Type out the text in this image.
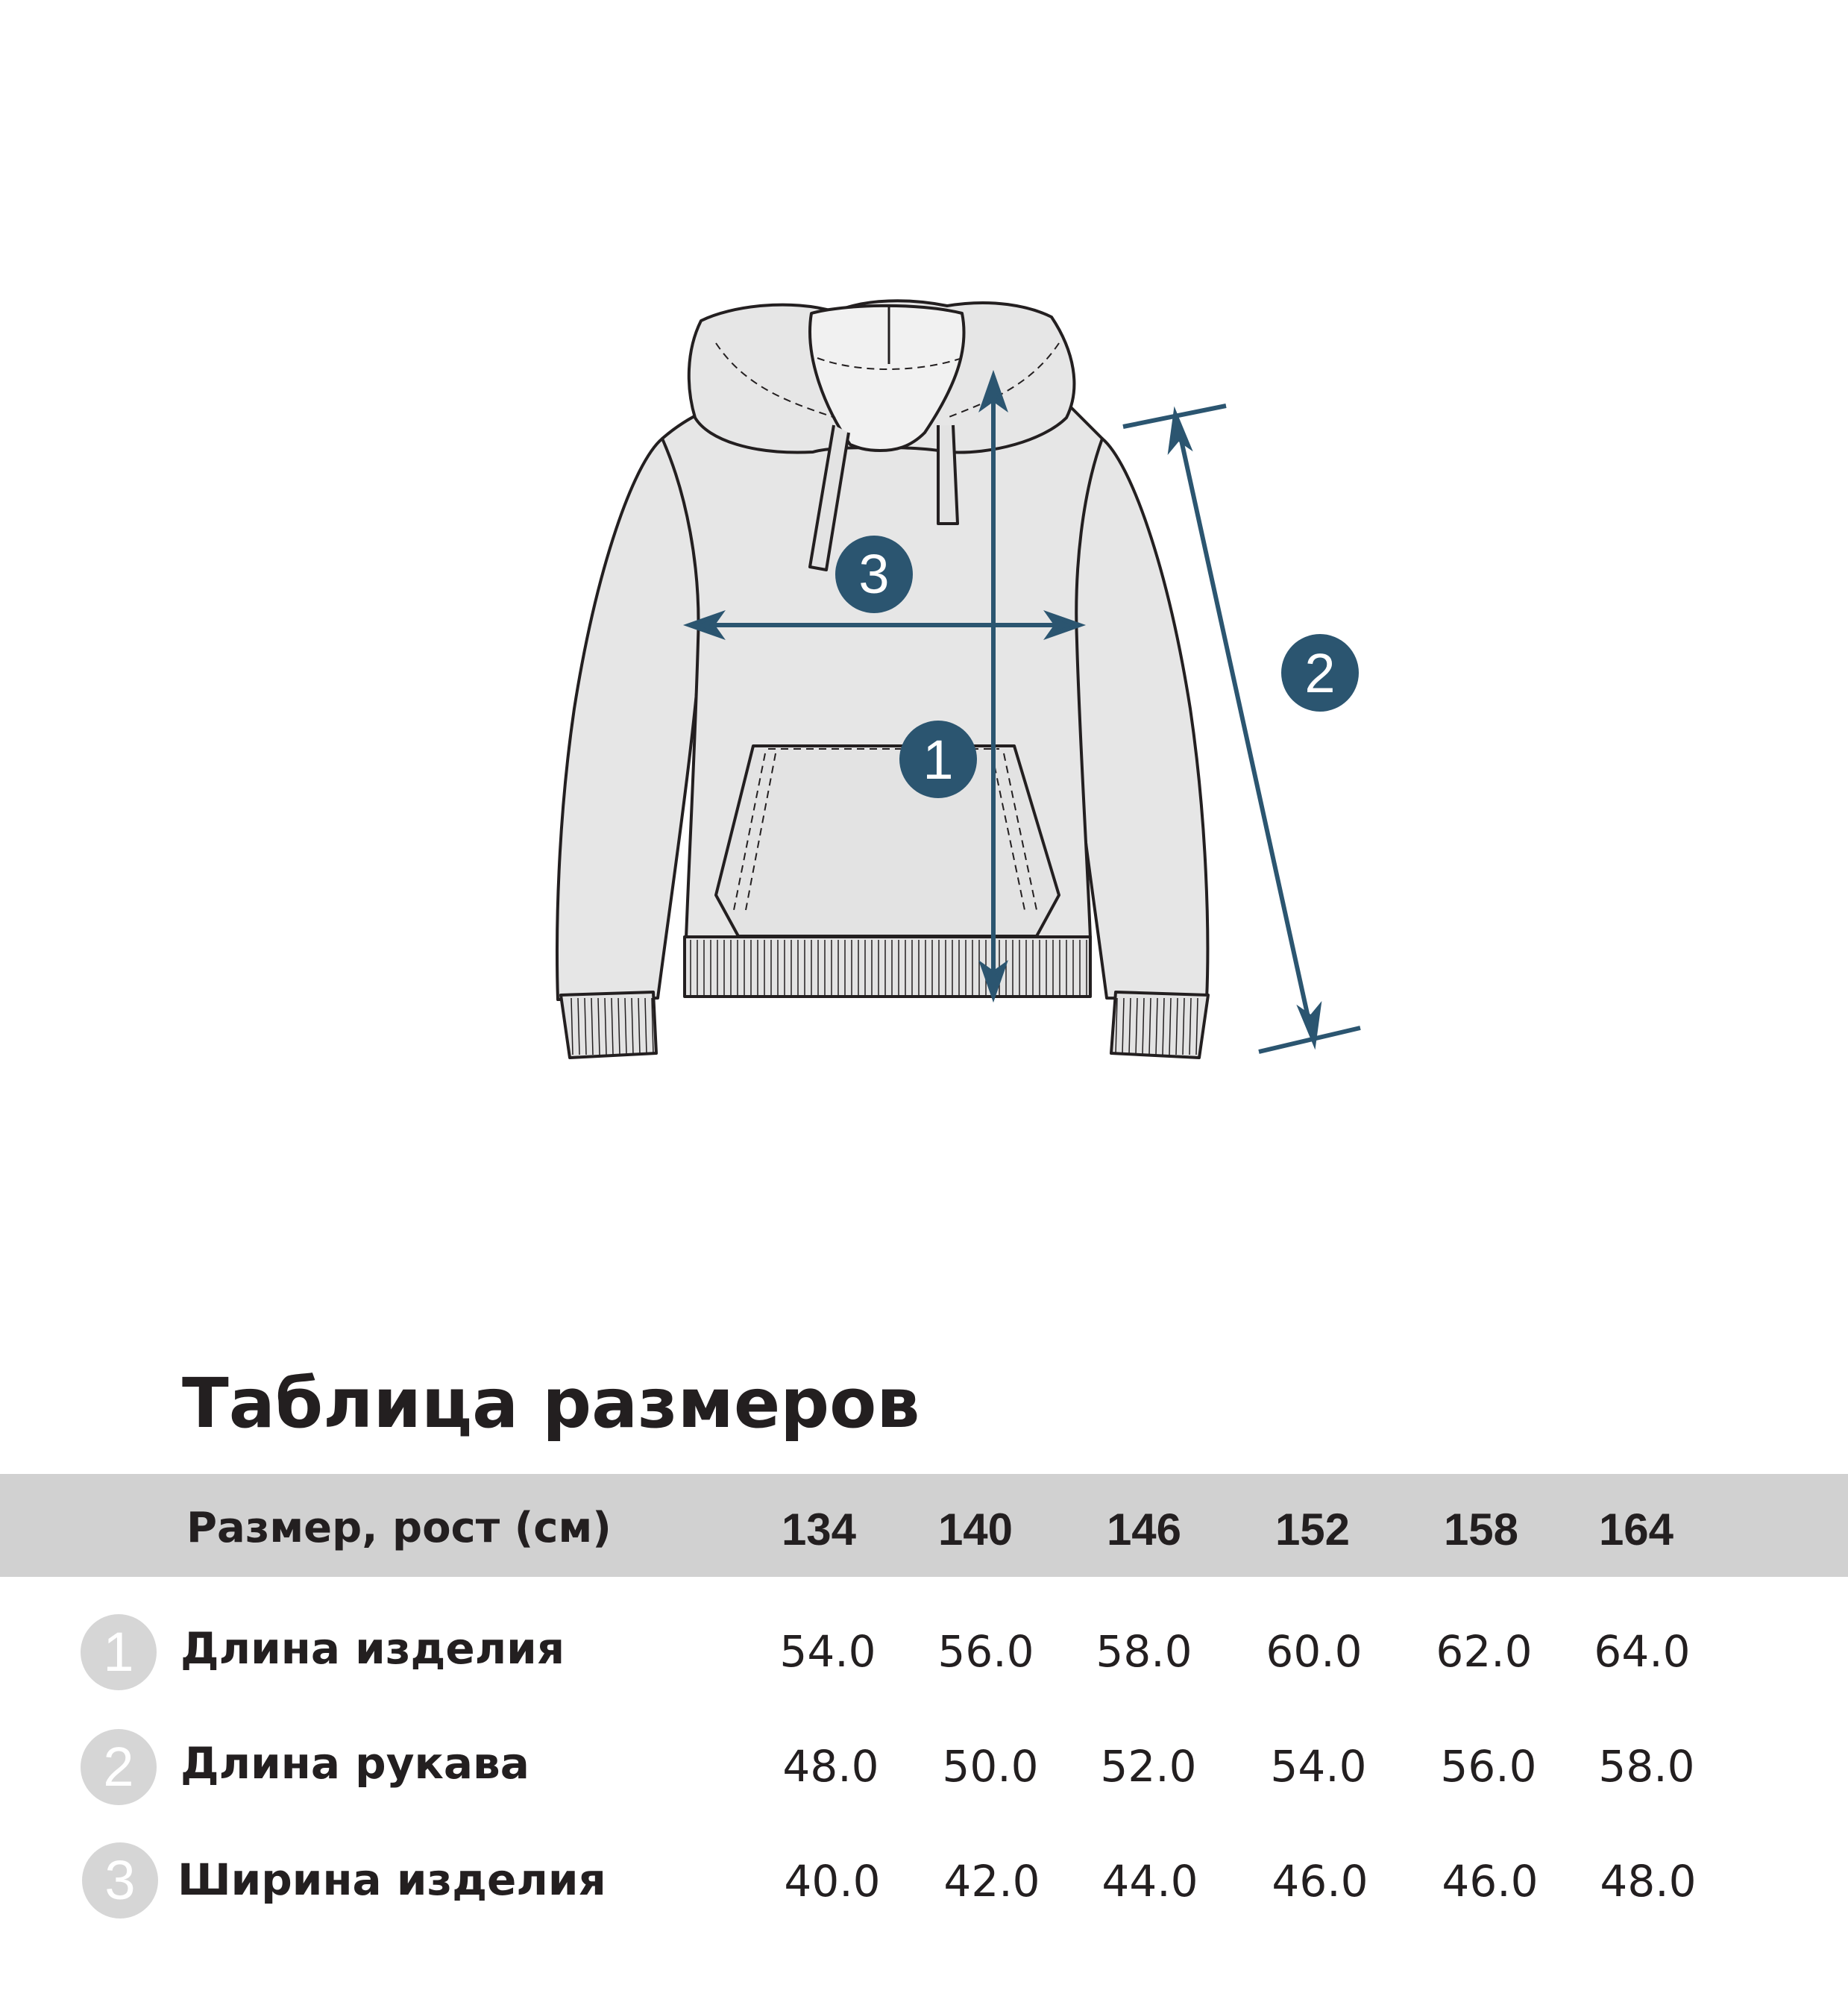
3
1
2
Таблица размеров
Размер, рост (см)	134	140	146	152	158	164
1	Длина изделия	54.0	56.0	58.0	60.0	62.0	64.0
2	Длина рукава	48.0	50.0	52.0	54.0	56.0	58.0
3 Ширина изделия	40.0	42.0	44.0	46.0	46.0	48.0
